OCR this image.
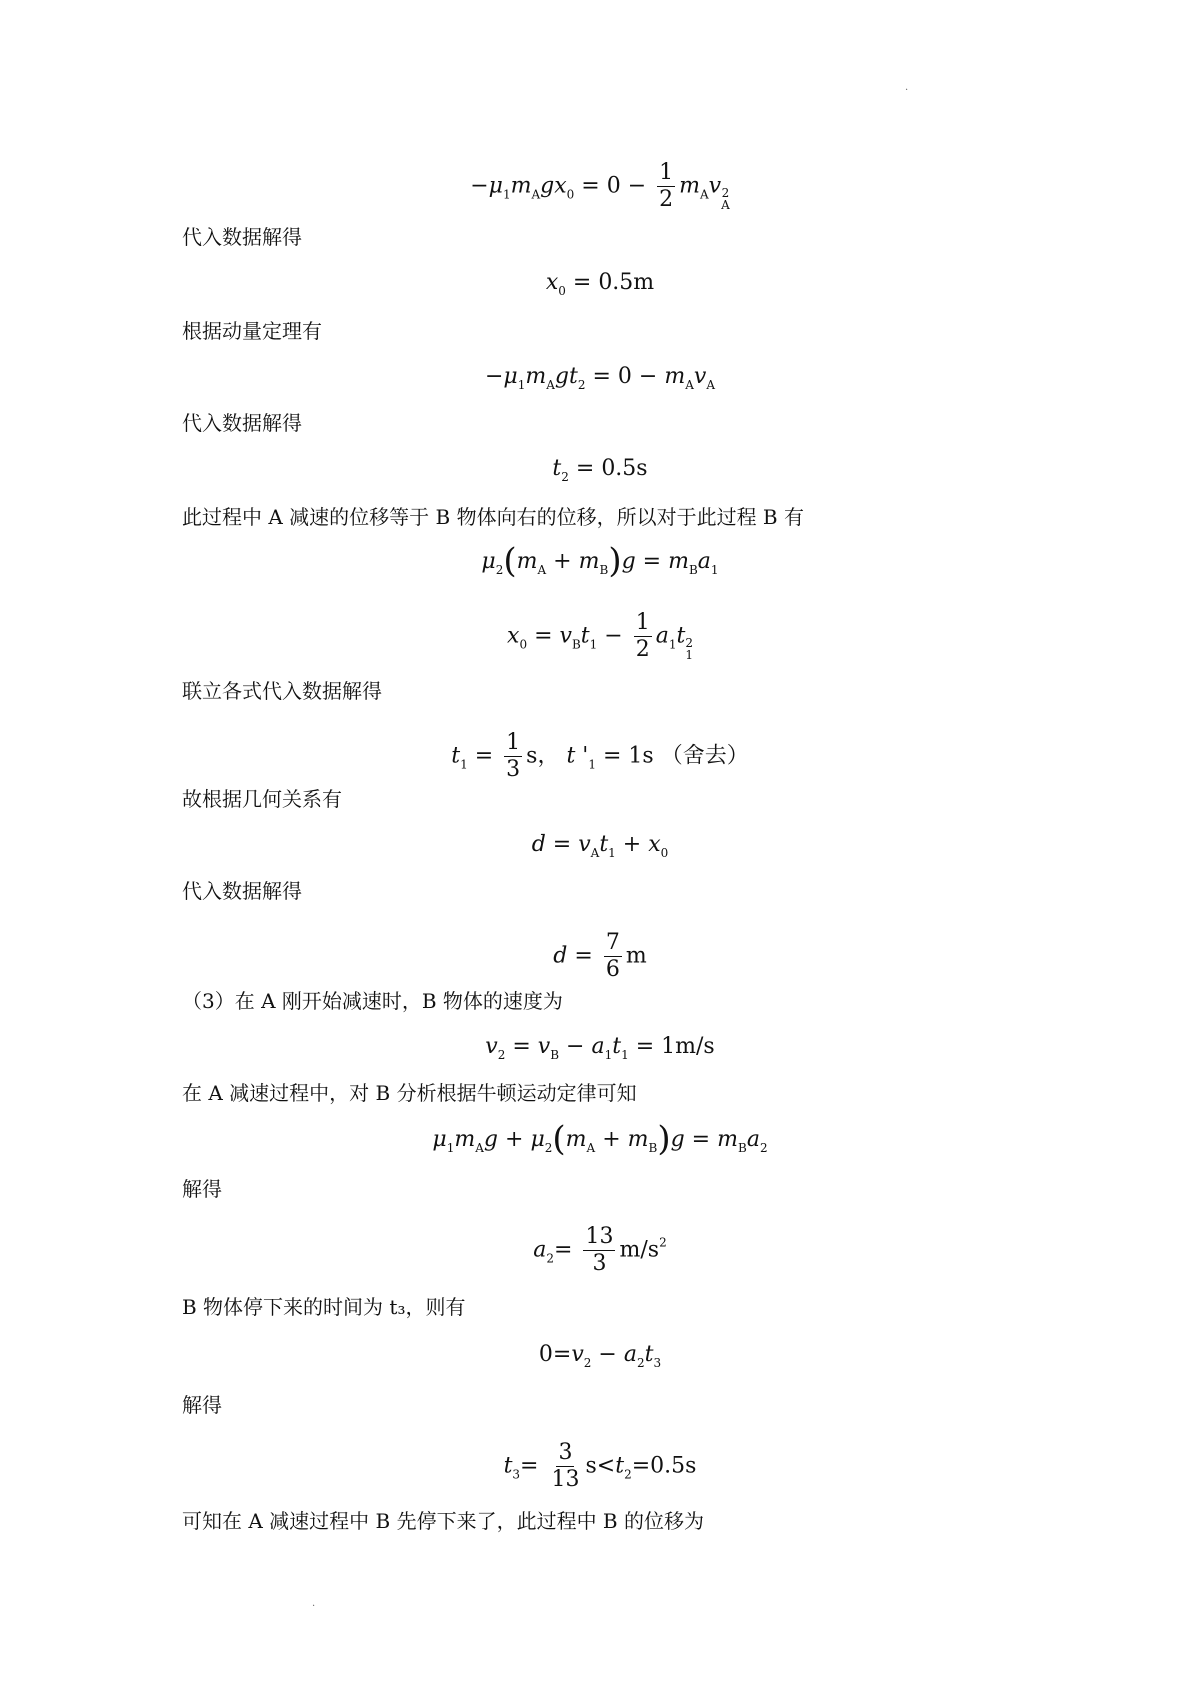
.
$-\mu_1m_Agx_0 = 0 - \frac{1}{2} m_Av$ 2
A
代入数据解得
$x_0 = 0.5m$
根据动量定理有
$-\mu_1m_Agt_2 = 0 - m_Av_A$
代入数据解得
$t_2 = 0.5s$
此过程中 A 减速的位移等于 B 物体向右的位移，所以对于此过程 B 有
$\mu_2(m_A + m_B)g = m_Ba_1$
$x_0 = v_Bt_1 - \frac{1}{2} a_1t$ 2
1
联立各式代入数据解得
$t_1 = \frac{1}{3}$ s， t '$_1 = 1s$ （舍去）
故根据几何关系有
$d = v_At_1 + x_0$
代入数据解得
$d = \frac{7}{6}$ m
（3）在 A 刚开始减速时，B 物体的速度为
$v_2 = v_B - a_1t_1 = 1m/s$
在 A 减速过程中，对 B 分析根据牛顿运动定律可知
$\mu_1m_Ag + \mu_2(m_A + m_B)g = m_Ba_2$
解得
$a_2= \frac{13}{3} m/s^2$
B 物体停下来的时间为 t₃，则有
$0=v_2 - a_2t_3$
解得
$t_3= \frac{3}{13} s<t_2=0.5s$
可知在 A 减速过程中 B 先停下来了，此过程中 B 的位移为
.
